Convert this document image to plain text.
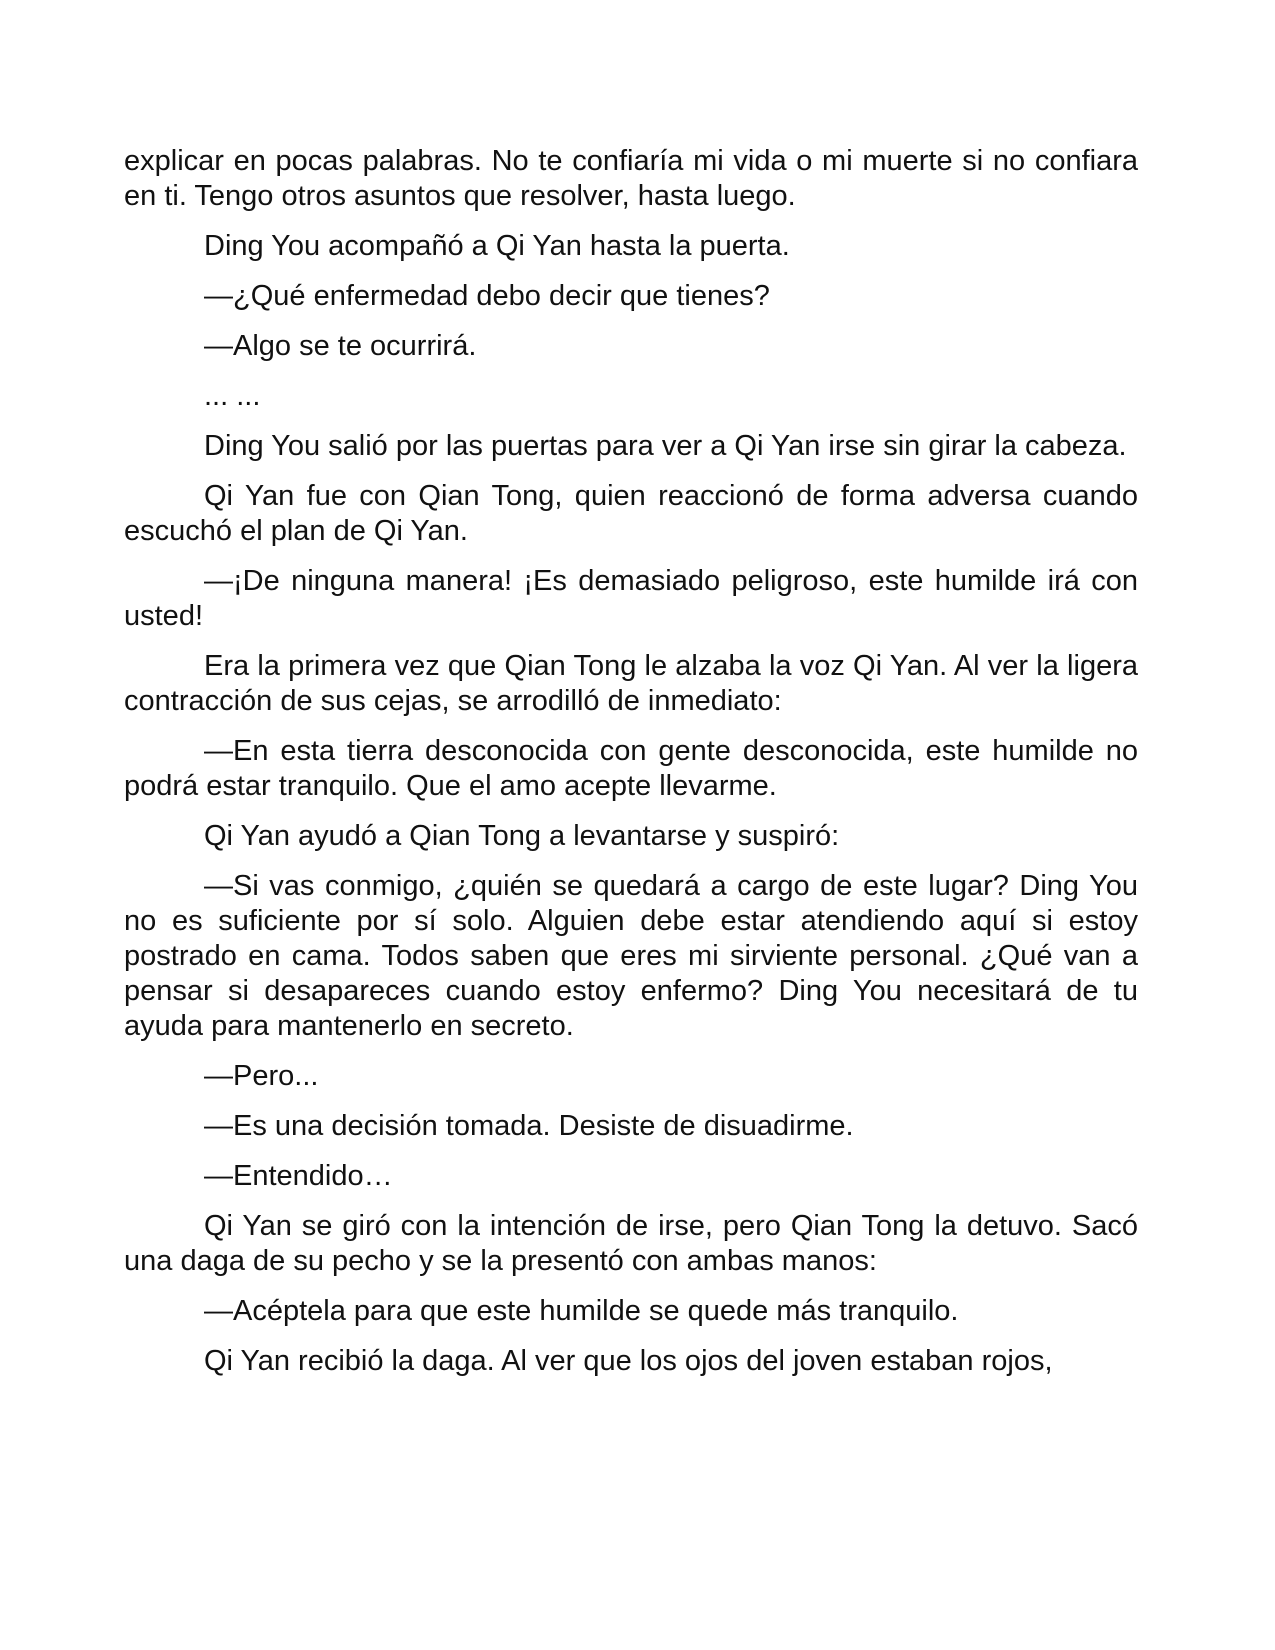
explicar en pocas palabras. No te confiaría mi vida o mi muerte si no confiara en ti. Tengo otros asuntos que resolver, hasta luego.

Ding You acompañó a Qi Yan hasta la puerta.

—¿Qué enfermedad debo decir que tienes?

—Algo se te ocurrirá.

... ...

Ding You salió por las puertas para ver a Qi Yan irse sin girar la cabeza.

Qi Yan fue con Qian Tong, quien reaccionó de forma adversa cuando escuchó el plan de Qi Yan.

—¡De ninguna manera! ¡Es demasiado peligroso, este humilde irá con usted!

Era la primera vez que Qian Tong le alzaba la voz Qi Yan. Al ver la ligera contracción de sus cejas, se arrodilló de inmediato:

—En esta tierra desconocida con gente desconocida, este humilde no podrá estar tranquilo. Que el amo acepte llevarme.

Qi Yan ayudó a Qian Tong a levantarse y suspiró:

—Si vas conmigo, ¿quién se quedará a cargo de este lugar? Ding You no es suficiente por sí solo. Alguien debe estar atendiendo aquí si estoy postrado en cama. Todos saben que eres mi sirviente personal. ¿Qué van a pensar si desapareces cuando estoy enfermo? Ding You necesitará de tu ayuda para mantenerlo en secreto.

—Pero...

—Es una decisión tomada. Desiste de disuadirme.

—Entendido…

Qi Yan se giró con la intención de irse, pero Qian Tong la detuvo. Sacó una daga de su pecho y se la presentó con ambas manos:

—Acéptela para que este humilde se quede más tranquilo.

Qi Yan recibió la daga. Al ver que los ojos del joven estaban rojos,
